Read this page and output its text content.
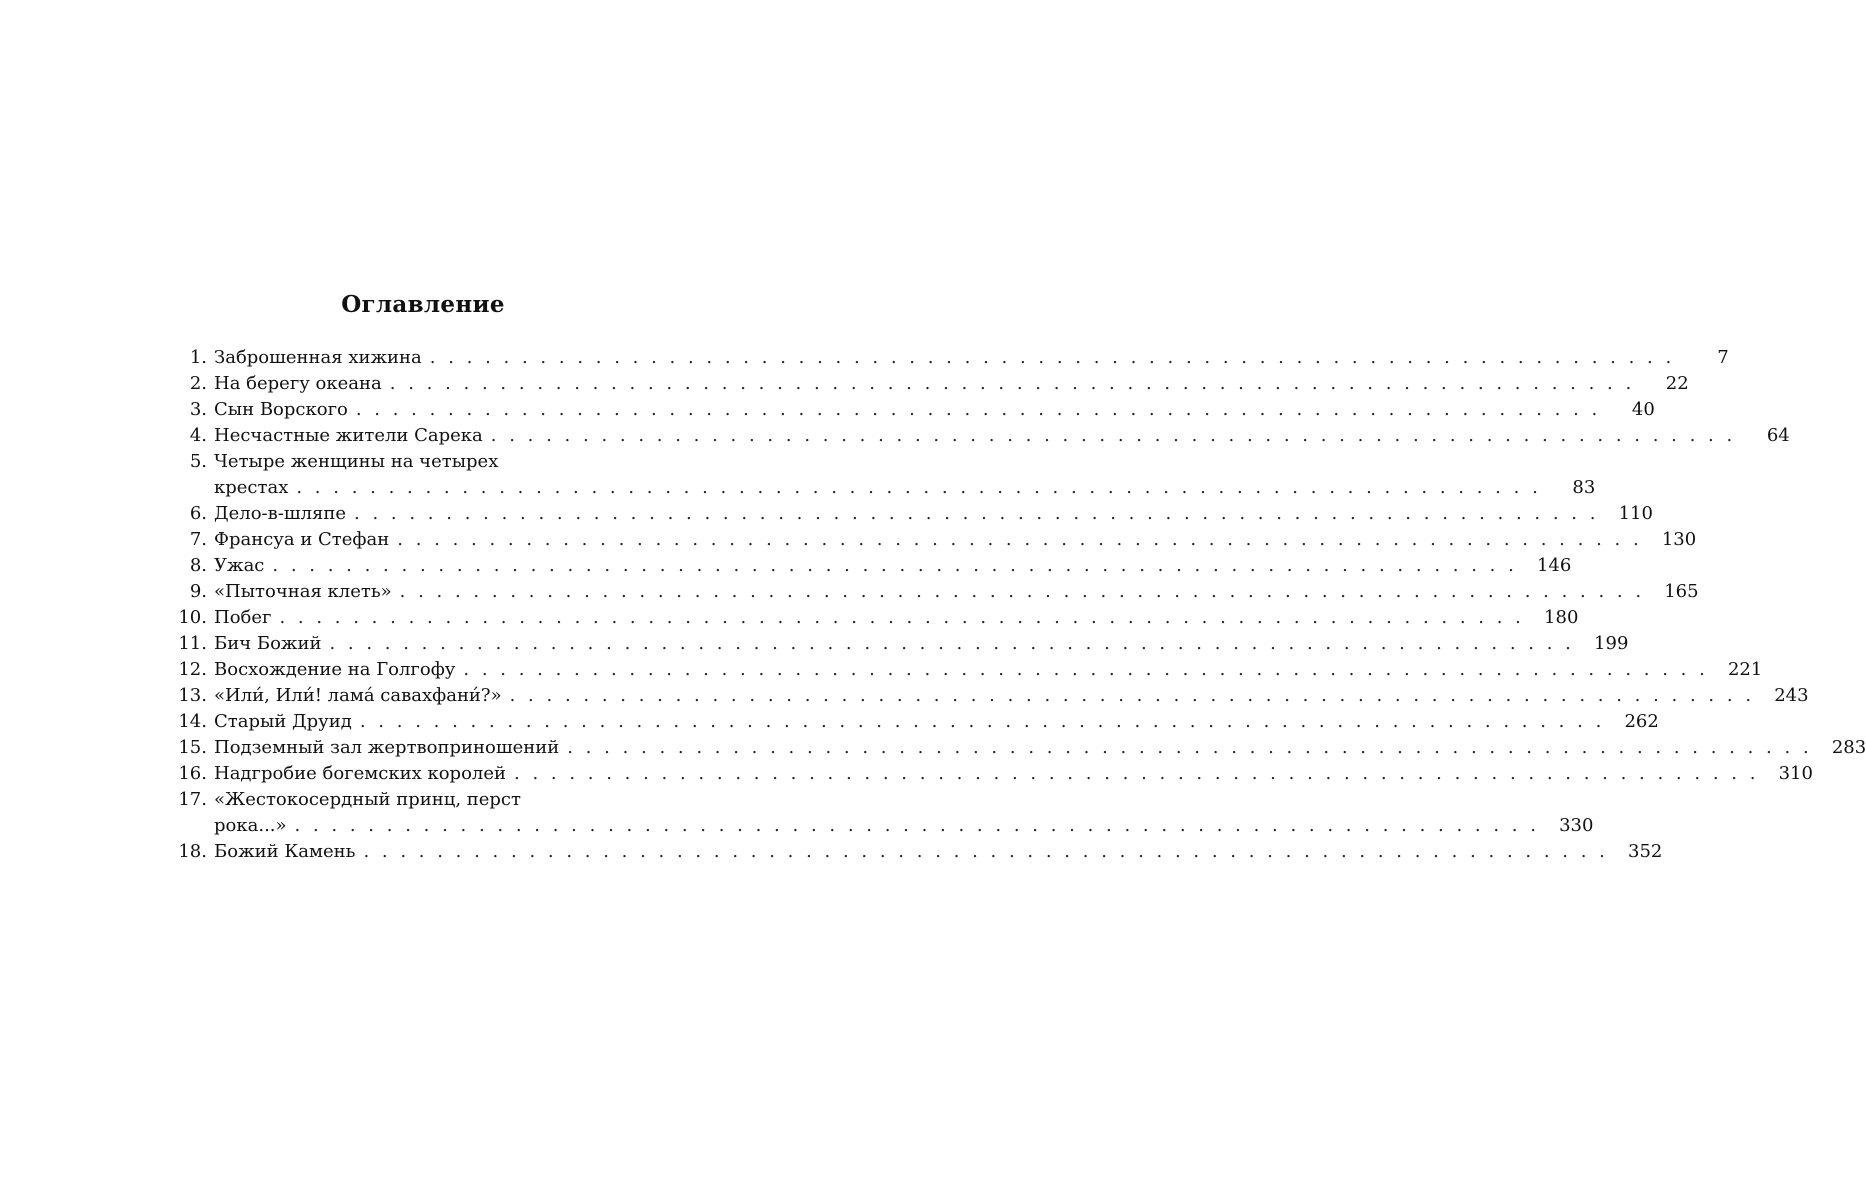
Оглавление
1. Заброшенная хижина . . .	7
2. На берегу океана . . .	22
3. Сын Ворского . . .	40
4. Несчастные жители Сарека . . .	64
5. Четыре женщины на четырех
крестах . . .	83
6. Дело-в-шляпе . . .	110
7. Франсуа и Стефан . . .	130
8. Ужас . . .	146
9. «Пыточная клеть» . . .	165
10. Побег . . .	180
11. Бич Божий . . .	199
12. Восхождение на Голгофу . . .	221
13. «Или́, Или́! лама́ савахфани́?» . . .	243
14. Старый Друид . . .	262
15. Подземный зал жертвоприношений . . .	283
16. Надгробие богемских королей . . .	310
17. «Жестокосердный принц, перст
рока...» . . .	330
18. Божий Камень . . .	352
